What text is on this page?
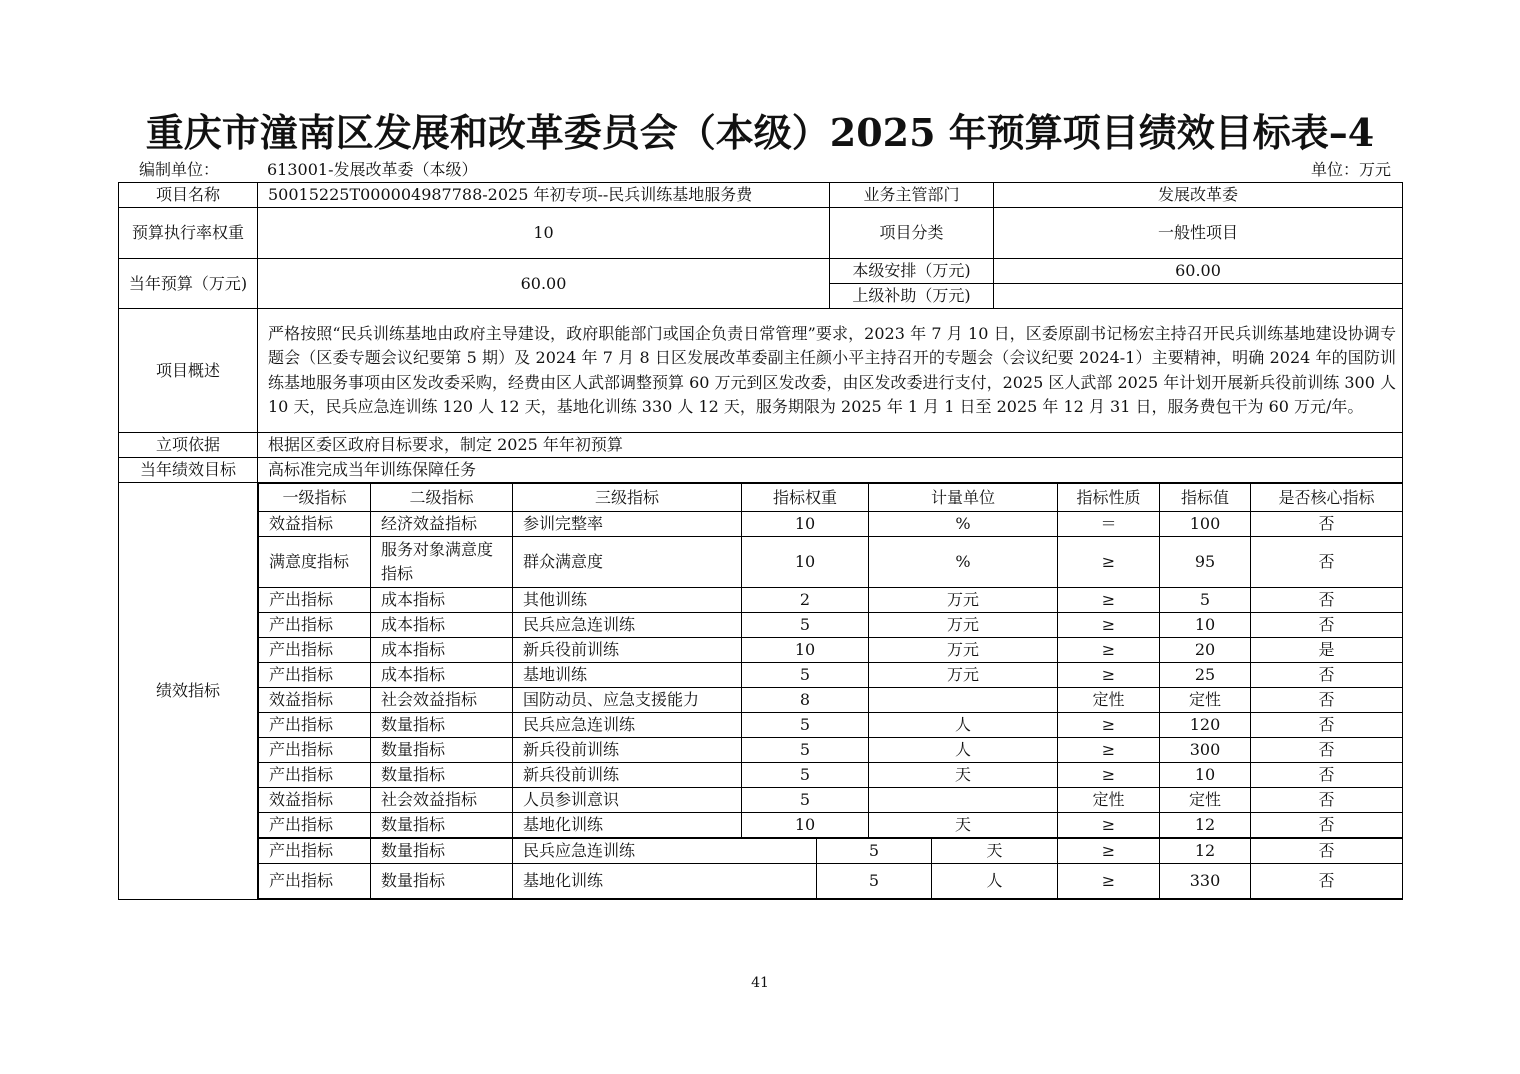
重庆市潼南区发展和改革委员会（本级）2025 年预算项目绩效目标表–4
编制单位：	613001-发展改革委（本级）	单位：万元
项目名称	50015225T000004987788-2025 年初专项--民兵训练基地服务费	业务主管部门	发展改革委
预算执行率权重	10	项目分类	一般性项目
当年预算（万元)	60.00	本级安排（万元)	60.00
上级补助（万元)	
项目概述	严格按照“民兵训练基地由政府主导建设，政府职能部门或国企负责日常管理”要求，2023 年 7 月 10 日，区委原副书记杨宏主持召开民兵训练基地建设协调专题会（区委专题会议纪要第 5 期）及 2024 年 7 月 8 日区发展改革委副主任颜小平主持召开的专题会（会议纪要 2024-1）主要精神，明确 2024 年的国防训练基地服务事项由区发改委采购，经费由区人武部调整预算 60 万元到区发改委，由区发改委进行支付，2025 区人武部 2025 年计划开展新兵役前训练 300 人 10 天，民兵应急连训练 120 人 12 天，基地化训练 330 人 12 天，服务期限为 2025 年 1 月 1 日至 2025 年 12 月 31 日，服务费包干为 60 万元/年。
立项依据	根据区委区政府目标要求，制定 2025 年年初预算
当年绩效目标	高标准完成当年训练保障任务
绩效指标	
一级指标	二级指标	三级指标	指标权重	计量单位	指标性质	指标值	是否核心指标
效益指标	经济效益指标	参训完整率	10	%	＝	100	否
满意度指标	服务对象满意度指标	群众满意度	10	%	≥	95	否
产出指标	成本指标	其他训练	2	万元	≥	5	否
产出指标	成本指标	民兵应急连训练	5	万元	≥	10	否
产出指标	成本指标	新兵役前训练	10	万元	≥	20	是
产出指标	成本指标	基地训练	5	万元	≥	25	否
效益指标	社会效益指标	国防动员、应急支援能力	8		定性	定性	否
产出指标	数量指标	民兵应急连训练	5	人	≥	120	否
产出指标	数量指标	新兵役前训练	5	人	≥	300	否
产出指标	数量指标	新兵役前训练	5	天	≥	10	否
效益指标	社会效益指标	人员参训意识	5		定性	定性	否
产出指标	数量指标	基地化训练	10	天	≥	12	否
产出指标	数量指标	民兵应急连训练	5	天	≥	12	否
产出指标	数量指标	基地化训练	5	人	≥	330	否
41
